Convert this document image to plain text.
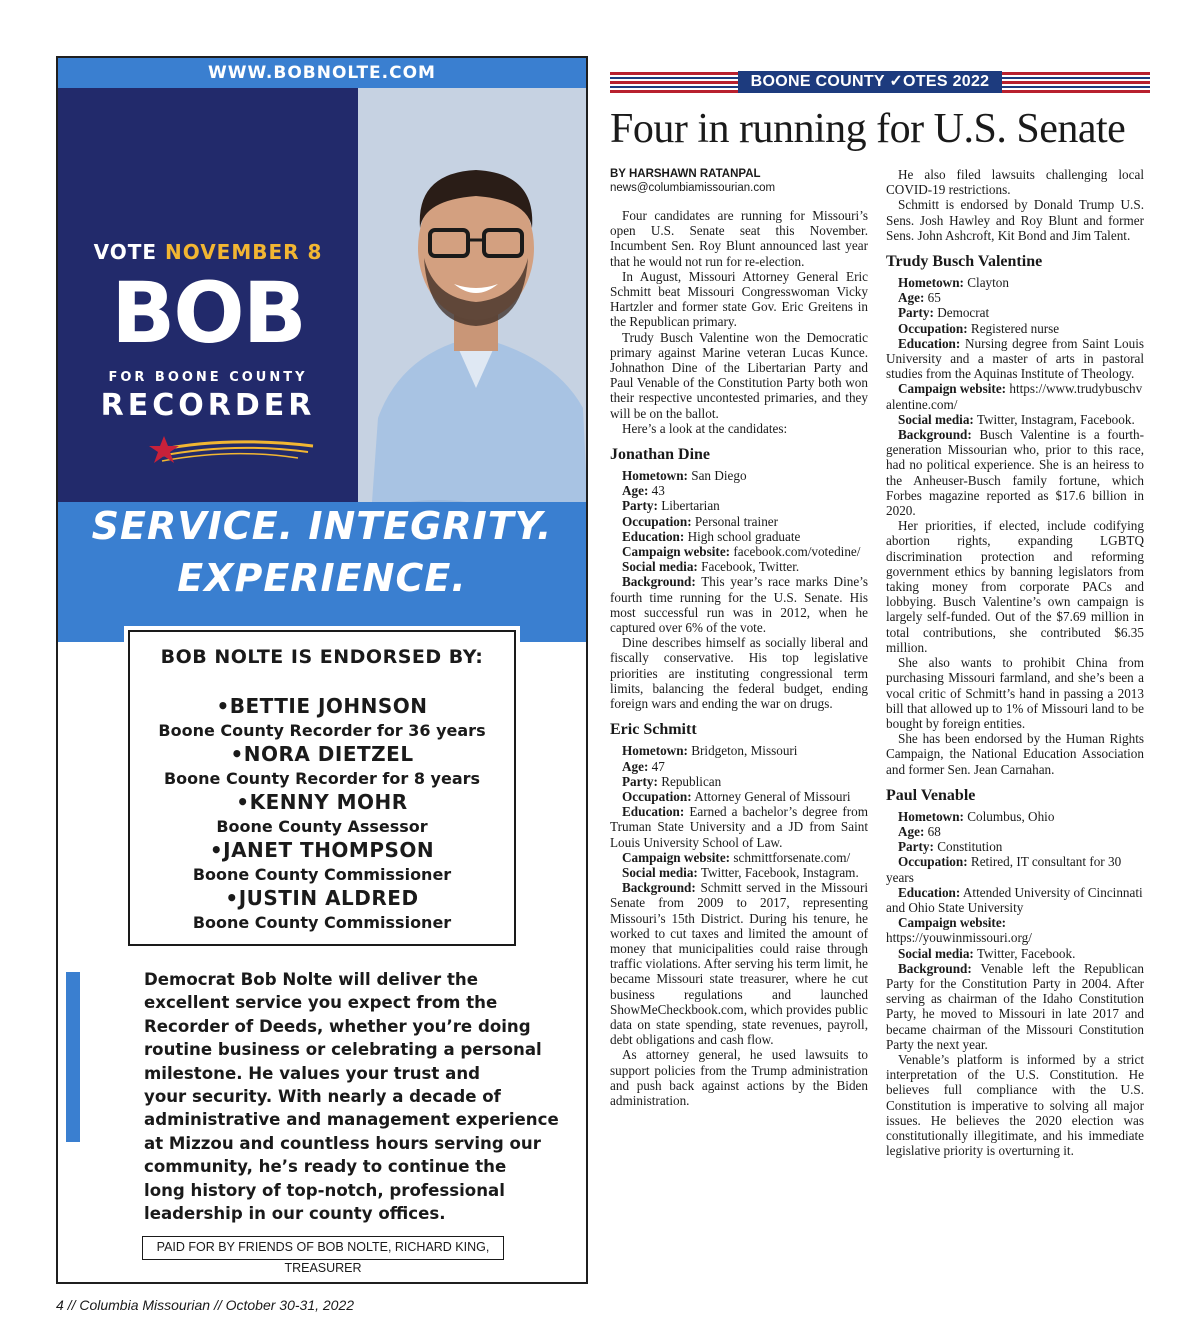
WWW.BOBNOLTE.COM
VOTE NOVEMBER 8
BOB
FOR BOONE COUNTY
RECORDER
SERVICE. INTEGRITY.
EXPERIENCE.
BOB NOLTE IS ENDORSED BY:
•BETTIE JOHNSON
Boone County Recorder for 36 years
•NORA DIETZEL
Boone County Recorder for 8 years
•KENNY MOHR
Boone County Assessor
•JANET THOMPSON
Boone County Commissioner
•JUSTIN ALDRED
Boone County Commissioner
Democrat Bob Nolte will deliver the
excellent service you expect from the
Recorder of Deeds, whether you’re doing
routine business or celebrating a personal
milestone. He values your trust and
your security. With nearly a decade of
administrative and management experience
at Mizzou and countless hours serving our
community, he’s ready to continue the
long history of top-notch, professional
leadership in our county offices.
PAID FOR BY FRIENDS OF BOB NOLTE, RICHARD KING, TREASURER
4 // Columbia Missourian // October 30-31, 2022
BOONE COUNTY ✓OTES 2022
Four in running for U.S. Senate
BY HARSHAWN RATANPAL
news@columbiamissourian.com
Four candidates are running for Missouri’s open U.S. Senate seat this November. Incumbent Sen. Roy Blunt announced last year that he would not run for re-election.
In August, Missouri Attorney General Eric Schmitt beat Missouri Congresswoman Vicky Hartzler and former state Gov. Eric Greitens in the Republican primary.
Trudy Busch Valentine won the Democratic primary against Marine veteran Lucas Kunce. Johnathon Dine of the Libertarian Party and Paul Venable of the Constitution Party both won their respective uncontested primaries, and they will be on the ballot.
Here’s a look at the candidates:
Jonathan Dine
Hometown: San Diego
Age: 43
Party: Libertarian
Occupation: Personal trainer
Education: High school graduate
Campaign website: facebook.com/votedine/
Social media: Facebook, Twitter.
Background: This year’s race marks Dine’s fourth time running for the U.S. Senate. His most successful run was in 2012, when he captured over 6% of the vote.
Dine describes himself as socially liberal and fiscally conservative. His top legislative priorities are instituting congressional term limits, balancing the federal budget, ending foreign wars and ending the war on drugs.
Eric Schmitt
Hometown: Bridgeton, Missouri
Age: 47
Party: Republican
Occupation: Attorney General of Missouri
Education: Earned a bachelor’s degree from Truman State University and a JD from Saint Louis University School of Law.
Campaign website: schmittforsenate.com/
Social media: Twitter, Facebook, Instagram.
Background: Schmitt served in the Missouri Senate from 2009 to 2017, representing Missouri’s 15th District. During his tenure, he worked to cut taxes and limited the amount of money that municipalities could raise through traffic violations. After serving his term limit, he became Missouri state treasurer, where he cut business regulations and launched ShowMeCheckbook.com, which provides public data on state spending, state revenues, payroll, debt obligations and cash flow.
As attorney general, he used lawsuits to support policies from the Trump administration and push back against actions by the Biden administration.
He also filed lawsuits challenging local COVID-19 restrictions.
Schmitt is endorsed by Donald Trump U.S. Sens. Josh Hawley and Roy Blunt and former Sens. John Ashcroft, Kit Bond and Jim Talent.
Trudy Busch Valentine
Hometown: Clayton
Age: 65
Party: Democrat
Occupation: Registered nurse
Education: Nursing degree from Saint Louis University and a master of arts in pastoral studies from the Aquinas Institute of Theology.
Campaign website: https://www.trudybuschvalentine.com/
Social media: Twitter, Instagram, Facebook.
Background: Busch Valentine is a fourth-generation Missourian who, prior to this race, had no political experience. She is an heiress to the Anheuser-Busch family fortune, which Forbes magazine reported as $17.6 billion in 2020.
Her priorities, if elected, include codifying abortion rights, expanding LGBTQ discrimination protection and reforming government ethics by banning legislators from taking money from corporate PACs and lobbying. Busch Valentine’s own campaign is largely self-funded. Out of the $7.69 million in total contributions, she contributed $6.35 million.
She also wants to prohibit China from purchasing Missouri farmland, and she’s been a vocal critic of Schmitt’s hand in passing a 2013 bill that allowed up to 1% of Missouri land to be bought by foreign entities.
She has been endorsed by the Human Rights Campaign, the National Education Association and former Sen. Jean Carnahan.
Paul Venable
Hometown: Columbus, Ohio
Age: 68
Party: Constitution
Occupation: Retired, IT consultant for 30 years
Education: Attended University of Cincinnati and Ohio State University
Campaign website: https://youwinmissouri.org/
Social media: Twitter, Facebook.
Background: Venable left the Republican Party for the Constitution Party in 2004. After serving as chairman of the Idaho Constitution Party, he moved to Missouri in late 2017 and became chairman of the Missouri Constitution Party the next year.
Venable’s platform is informed by a strict interpretation of the U.S. Constitution. He believes full compliance with the U.S. Constitution is imperative to solving all major issues. He believes the 2020 election was constitutionally illegitimate, and his immediate legislative priority is overturning it.
